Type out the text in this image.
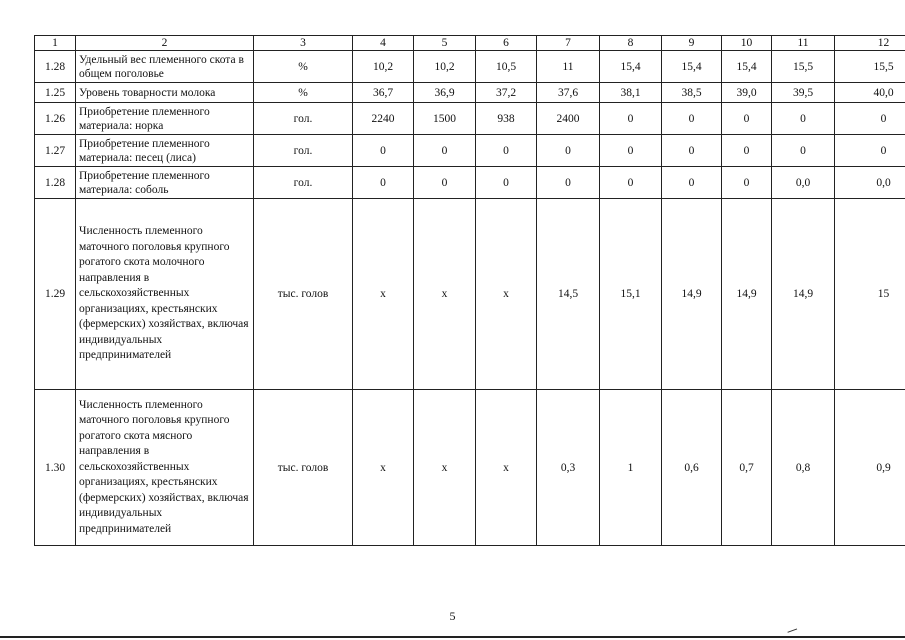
1	2	3	4	5	6	7	8	9	10	11	12
1.28	Удельный вес племенного скота в общем поголовье	%	10,2	10,2	10,5	11	15,4	15,4	15,4	15,5	15,5
1.25	Уровень товарности молока	%	36,7	36,9	37,2	37,6	38,1	38,5	39,0	39,5	40,0
1.26	Приобретение племенного материала: норка	гол.	2240	1500	938	2400	0	0	0	0	0
1.27	Приобретение племенного материала: песец (лиса)	гол.	0	0	0	0	0	0	0	0	0
1.28	Приобретение племенного материала: соболь	гол.	0	0	0	0	0	0	0	0,0	0,0
1.29	Численность племенного маточного поголовья крупного рогатого скота молочного направления в сельскохозяйственных организациях, крестьянских (фермерских) хозяйствах, включая индивидуальных предпринимателей	тыс. голов	х	х	х	14,5	15,1	14,9	14,9	14,9	15
1.30	Численность племенного маточного поголовья крупного рогатого скота мясного направления в сельскохозяйственных организациях, крестьянских (фермерских) хозяйствах, включая индивидуальных предпринимателей	тыс. голов	х	х	х	0,3	1	0,6	0,7	0,8	0,9
5
